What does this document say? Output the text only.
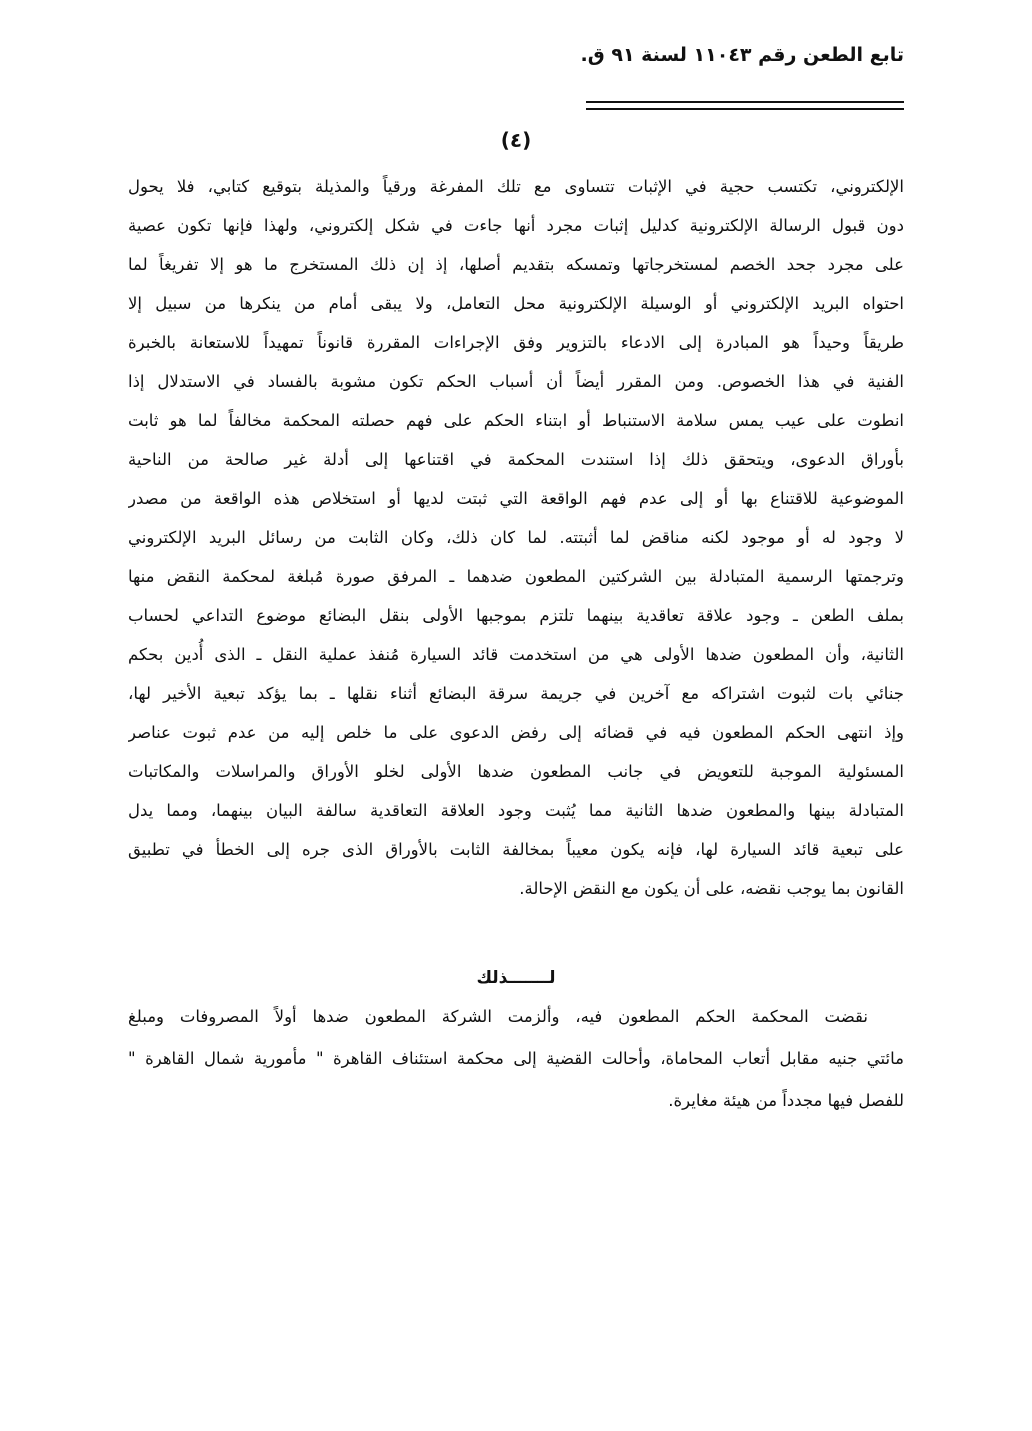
تابع الطعن رقم ١١٠٤٣ لسنة ٩١ ق.
(٤)
الإلكتروني، تكتسب حجية في الإثبات تتساوى مع تلك المفرغة ورقياً والمذيلة بتوقيع كتابي، فلا يحول
دون قبول الرسالة الإلكترونية كدليل إثبات مجرد أنها جاءت في شكل إلكتروني، ولهذا فإنها تكون عصية
على مجرد جحد الخصم لمستخرجاتها وتمسكه بتقديم أصلها، إذ إن ذلك المستخرج ما هو إلا تفريغاً لما
احتواه البريد الإلكتروني أو الوسيلة الإلكترونية محل التعامل، ولا يبقى أمام من ينكرها من سبيل إلا
طريقاً وحيداً هو المبادرة إلى الادعاء بالتزوير وفق الإجراءات المقررة قانوناً تمهيداً للاستعانة بالخبرة
الفنية في هذا الخصوص. ومن المقرر أيضاً أن أسباب الحكم تكون مشوبة بالفساد في الاستدلال إذا
انطوت على عيب يمس سلامة الاستنباط أو ابتناء الحكم على فهم حصلته المحكمة مخالفاً لما هو ثابت
بأوراق الدعوى، ويتحقق ذلك إذا استندت المحكمة في اقتناعها إلى أدلة غير صالحة من الناحية
الموضوعية للاقتناع بها أو إلى عدم فهم الواقعة التي ثبتت لديها أو استخلاص هذه الواقعة من مصدر
لا وجود له أو موجود لكنه مناقض لما أثبتته. لما كان ذلك، وكان الثابت من رسائل البريد الإلكتروني
وترجمتها الرسمية المتبادلة بين الشركتين المطعون ضدهما ـ المرفق صورة مُبلغة لمحكمة النقض منها
بملف الطعن ـ وجود علاقة تعاقدية بينهما تلتزم بموجبها الأولى بنقل البضائع موضوع التداعي لحساب
الثانية، وأن المطعون ضدها الأولى هي من استخدمت قائد السيارة مُنفذ عملية النقل ـ الذى أُدين بحكم
جنائي بات لثبوت اشتراكه مع آخرين في جريمة سرقة البضائع أثناء نقلها ـ بما يؤكد تبعية الأخير لها،
وإذ انتهى الحكم المطعون فيه في قضائه إلى رفض الدعوى على ما خلص إليه من عدم ثبوت عناصر
المسئولية الموجبة للتعويض في جانب المطعون ضدها الأولى لخلو الأوراق والمراسلات والمكاتبات
المتبادلة بينها والمطعون ضدها الثانية مما يُثبت وجود العلاقة التعاقدية سالفة البيان بينهما، ومما يدل
على تبعية قائد السيارة لها، فإنه يكون معيباً بمخالفة الثابت بالأوراق الذى جره إلى الخطأ في تطبيق
القانون بما يوجب نقضه، على أن يكون مع النقض الإحالة.
لـــــــذلك
نقضت المحكمة الحكم المطعون فيه، وألزمت الشركة المطعون ضدها أولاً المصروفات ومبلغ
مائتي جنيه مقابل أتعاب المحاماة، وأحالت القضية إلى محكمة استئناف القاهرة " مأمورية شمال القاهرة "
للفصل فيها مجدداً من هيئة مغايرة.
